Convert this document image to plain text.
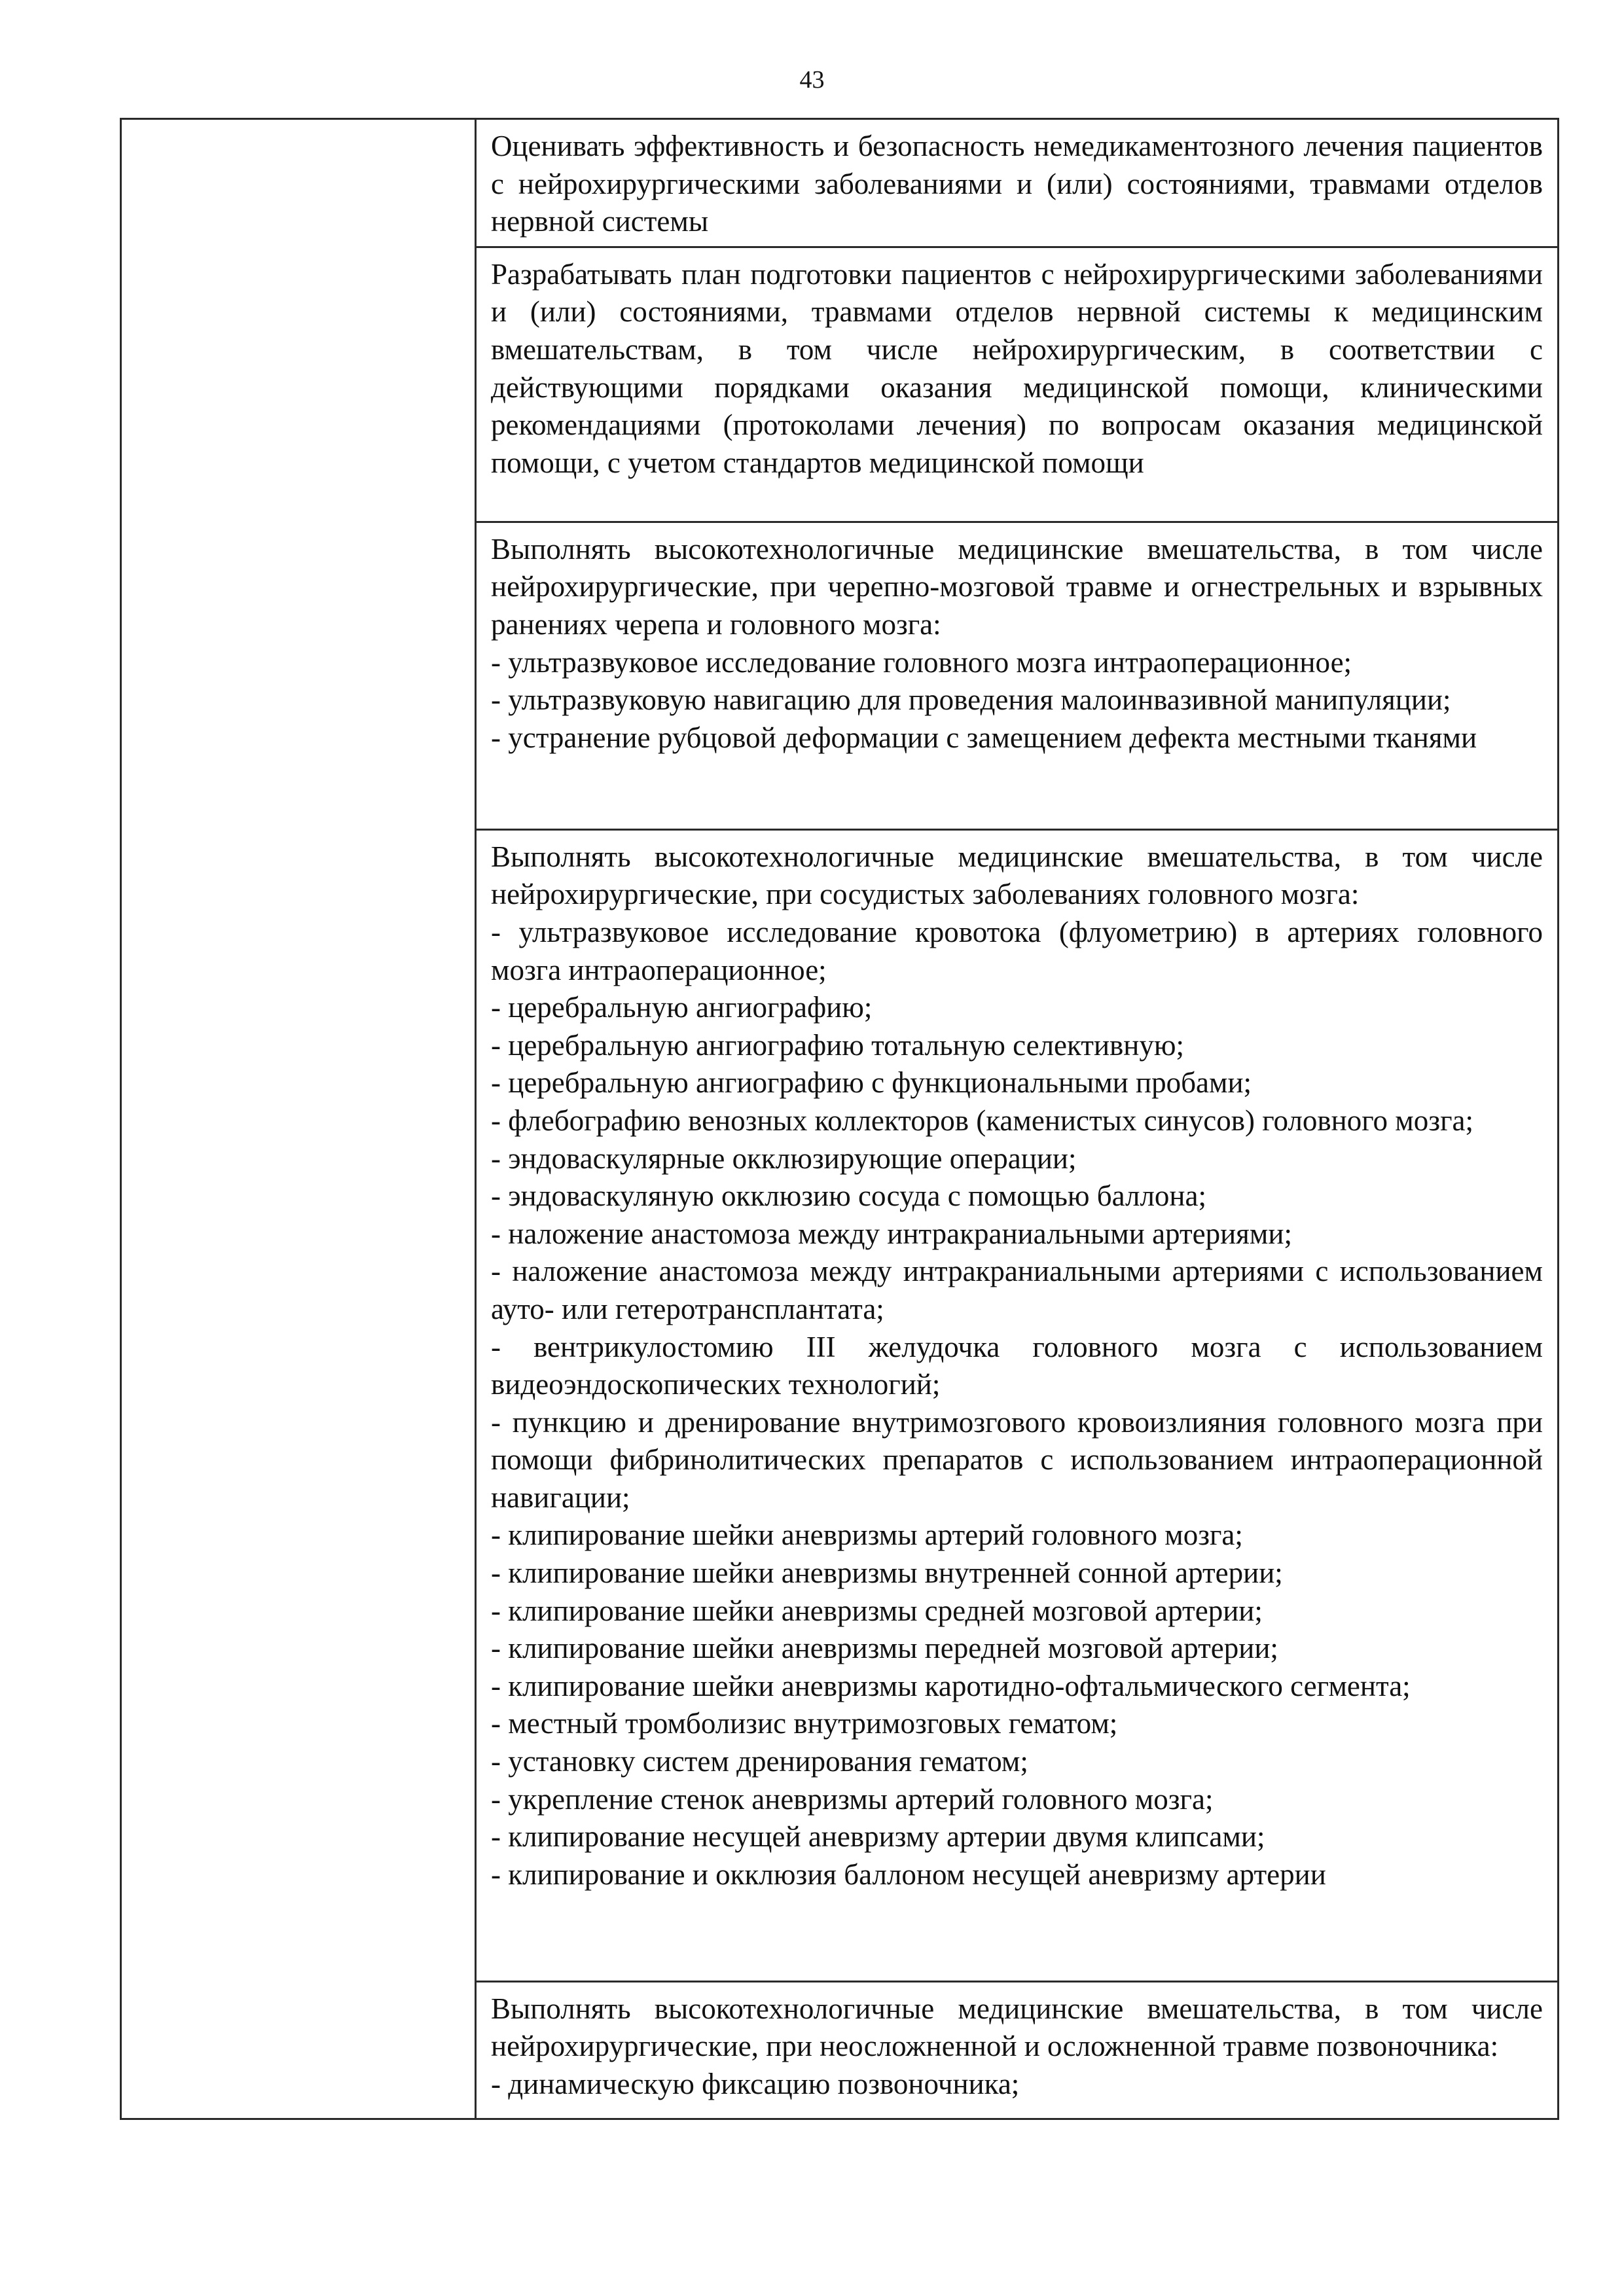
43

Оценивать эффективность и безопасность немедикаментозного лечения пациентов с нейрохирургическими заболеваниями и (или) состояниями, травмами отделов нервной системы

Разрабатывать план подготовки пациентов с нейрохирургическими заболеваниями и (или) состояниями, травмами отделов нервной системы к медицинским вмешательствам, в том числе нейрохирургическим, в соответствии с действующими порядками оказания медицинской помощи, клиническими рекомендациями (протоколами лечения) по вопросам оказания медицинской помощи, с учетом стандартов медицинской помощи

Выполнять высокотехнологичные медицинские вмешательства, в том числе нейрохирургические, при черепно-мозговой травме и огнестрельных и взрывных ранениях черепа и головного мозга:

- ультразвуковое исследование головного мозга интраоперационное;

- ультразвуковую навигацию для проведения малоинвазивной манипуляции;

- устранение рубцовой деформации с замещением дефекта местными тканями

Выполнять высокотехнологичные медицинские вмешательства, в том числе нейрохирургические, при сосудистых заболеваниях головного мозга:

- ультразвуковое исследование кровотока (флуометрию) в артериях головного мозга интраоперационное;

- церебральную ангиографию;

- церебральную ангиографию тотальную селективную;

- церебральную ангиографию с функциональными пробами;

- флебографию венозных коллекторов (каменистых синусов) головного мозга;

- эндоваскулярные окклюзирующие операции;

- эндоваскуляную окклюзию сосуда с помощью баллона;

- наложение анастомоза между интракраниальными артериями;

- наложение анастомоза между интракраниальными артериями с использованием ауто- или гетеротрансплантата;

- вентрикулостомию III желудочка головного мозга с использованием видеоэндоскопических технологий;

- пункцию и дренирование внутримозгового кровоизлияния головного мозга при помощи фибринолитических препаратов с использованием интраоперационной навигации;

- клипирование шейки аневризмы артерий головного мозга;

- клипирование шейки аневризмы внутренней сонной артерии;

- клипирование шейки аневризмы средней мозговой артерии;

- клипирование шейки аневризмы передней мозговой артерии;

- клипирование шейки аневризмы каротидно-офтальмического сегмента;

- местный тромболизис внутримозговых гематом;

- установку систем дренирования гематом;

- укрепление стенок аневризмы артерий головного мозга;

- клипирование несущей аневризму артерии двумя клипсами;

- клипирование и окклюзия баллоном несущей аневризму артерии

Выполнять высокотехнологичные медицинские вмешательства, в том числе нейрохирургические, при неосложненной и осложненной травме позвоночника:

- динамическую фиксацию позвоночника;
